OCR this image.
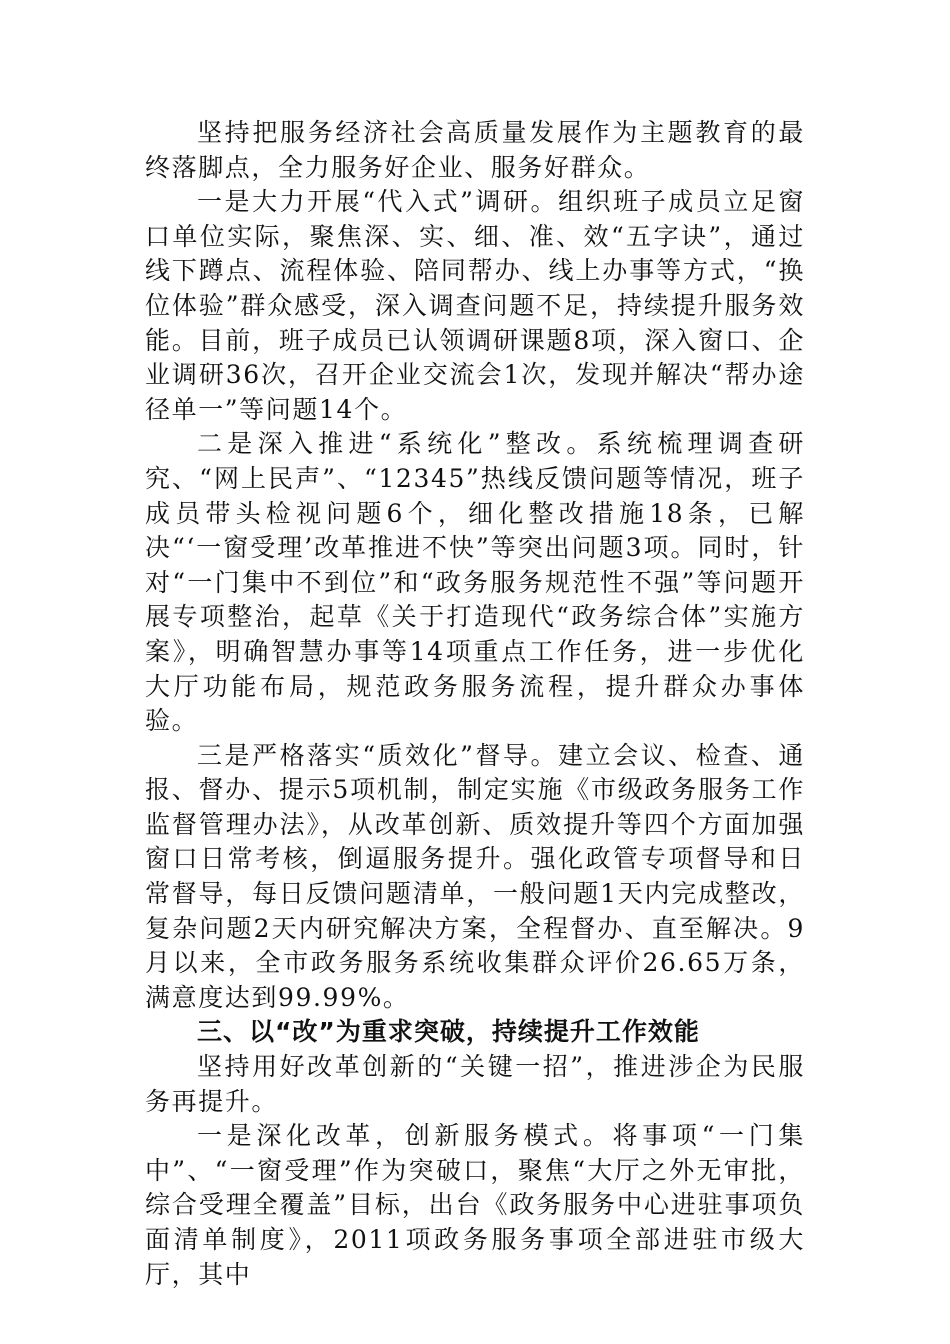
坚持把服务经济社会高质量发展作为主题教育的最终落脚点，全力服务好企业、服务好群众。

一是大力开展“代入式”调研。组织班子成员立足窗口单位实际，聚焦深、实、细、准、效“五字诀”，通过线下蹲点、流程体验、陪同帮办、线上办事等方式，“换位体验”群众感受，深入调查问题不足，持续提升服务效能。目前，班子成员已认领调研课题8项，深入窗口、企业调研36次，召开企业交流会1次，发现并解决“帮办途径单一”等问题14个。

二是深入推进“系统化”整改。系统梳理调查研究、“网上民声”、“12345”热线反馈问题等情况，班子成员带头检视问题6个，细化整改措施18条，已解决“‘一窗受理’改革推进不快”等突出问题3项。同时，针对“一门集中不到位”和“政务服务规范性不强”等问题开展专项整治，起草《关于打造现代“政务综合体”实施方案》，明确智慧办事等14项重点工作任务，进一步优化大厅功能布局，规范政务服务流程，提升群众办事体验。

三是严格落实“质效化”督导。建立会议、检查、通报、督办、提示5项机制，制定实施《市级政务服务工作监督管理办法》，从改革创新、质效提升等四个方面加强窗口日常考核，倒逼服务提升。强化政管专项督导和日常督导，每日反馈问题清单，一般问题1天内完成整改，复杂问题2天内研究解决方案，全程督办、直至解决。9月以来，全市政务服务系统收集群众评价26.65万条，满意度达到99.99%。

三、以“改”为重求突破，持续提升工作效能

坚持用好改革创新的“关键一招”，推进涉企为民服务再提升。

一是深化改革，创新服务模式。将事项“一门集中”、“一窗受理”作为突破口，聚焦“大厅之外无审批，综合受理全覆盖”目标，出台《政务服务中心进驻事项负面清单制度》，2011项政务服务事项全部进驻市级大厅，其中
